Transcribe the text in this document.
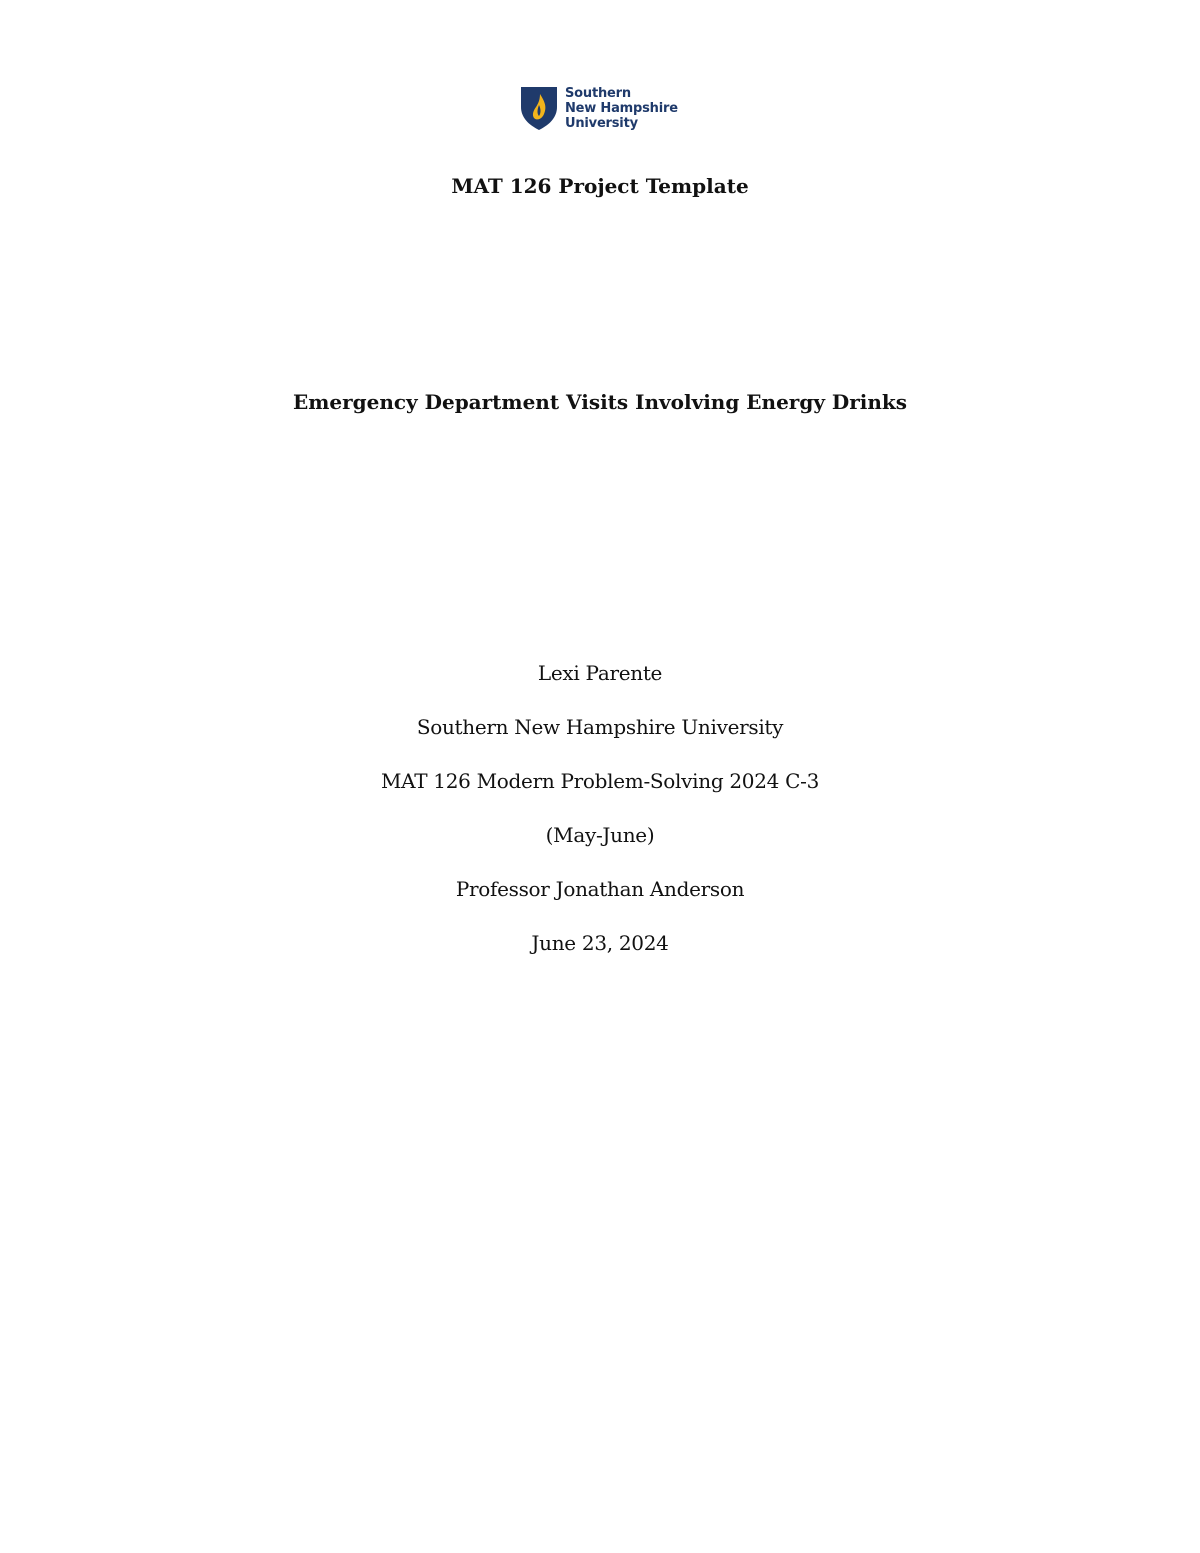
Southern
New Hampshire
University
MAT 126 Project Template
Emergency Department Visits Involving Energy Drinks
Lexi Parente
Southern New Hampshire University
MAT 126 Modern Problem-Solving 2024 C-3
(May-June)
Professor Jonathan Anderson
June 23, 2024
